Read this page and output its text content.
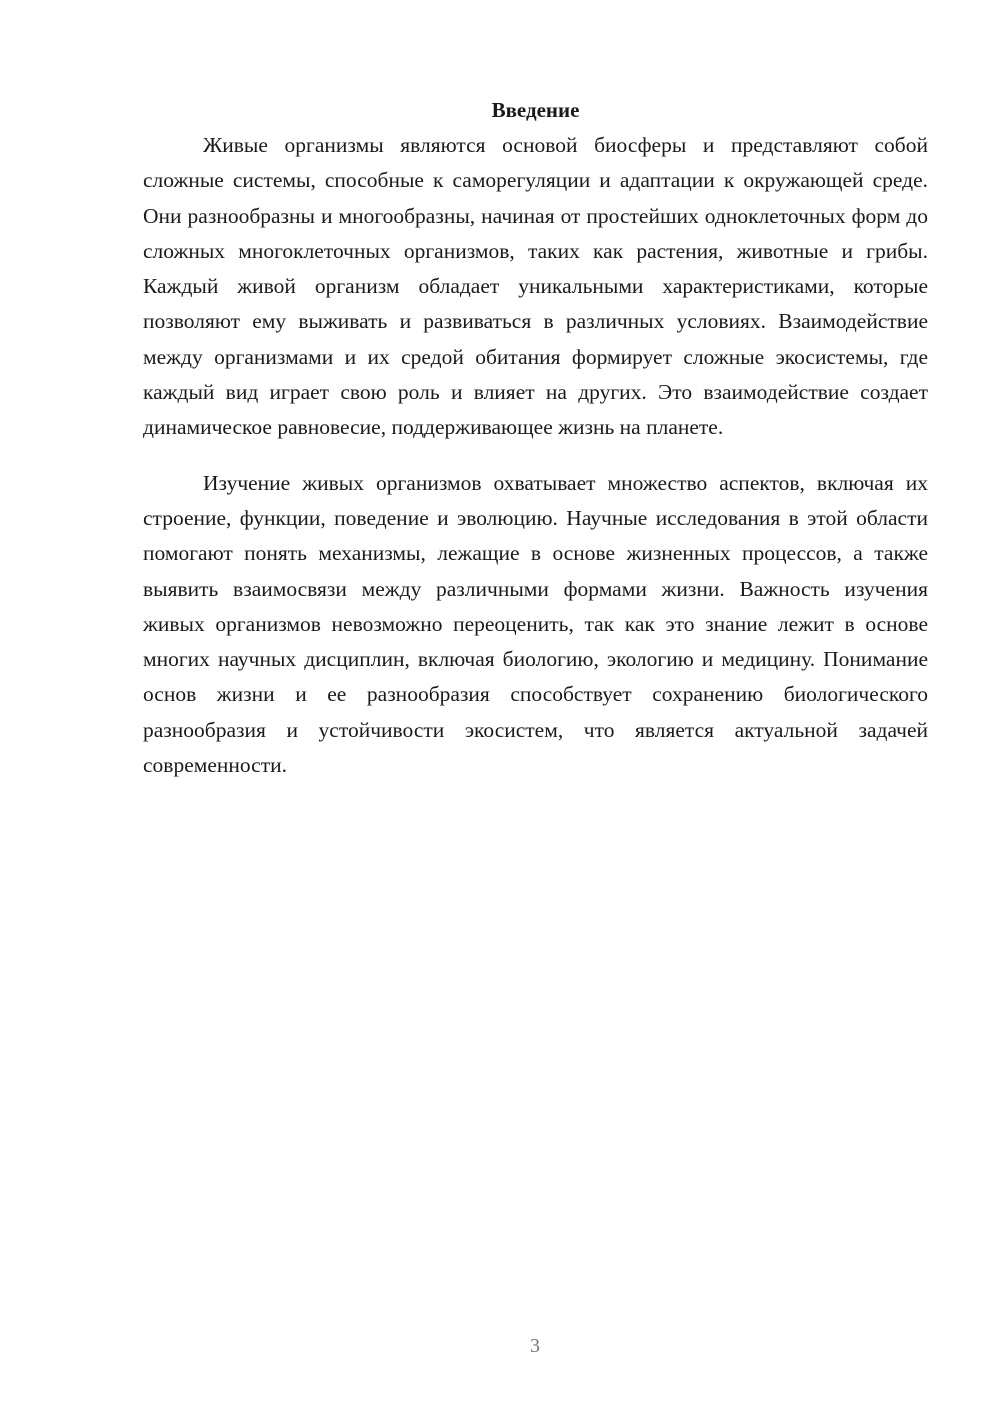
Введение

Живые организмы являются основой биосферы и представляют собой сложные системы, способные к саморегуляции и адаптации к окружающей среде. Они разнообразны и многообразны, начиная от простейших одноклеточных форм до сложных многоклеточных организмов, таких как растения, животные и грибы. Каждый живой организм обладает уникальными характеристиками, которые позволяют ему выживать и развиваться в различных условиях. Взаимодействие между организмами и их средой обитания формирует сложные экосистемы, где каждый вид играет свою роль и влияет на других. Это взаимодействие создает динамическое равновесие, поддерживающее жизнь на планете.

Изучение живых организмов охватывает множество аспектов, включая их строение, функции, поведение и эволюцию. Научные исследования в этой области помогают понять механизмы, лежащие в основе жизненных процессов, а также выявить взаимосвязи между различными формами жизни. Важность изучения живых организмов невозможно переоценить, так как это знание лежит в основе многих научных дисциплин, включая биологию, экологию и медицину. Понимание основ жизни и ее разнообразия способствует сохранению биологического разнообразия и устойчивости экосистем, что является актуальной задачей современности.

3
